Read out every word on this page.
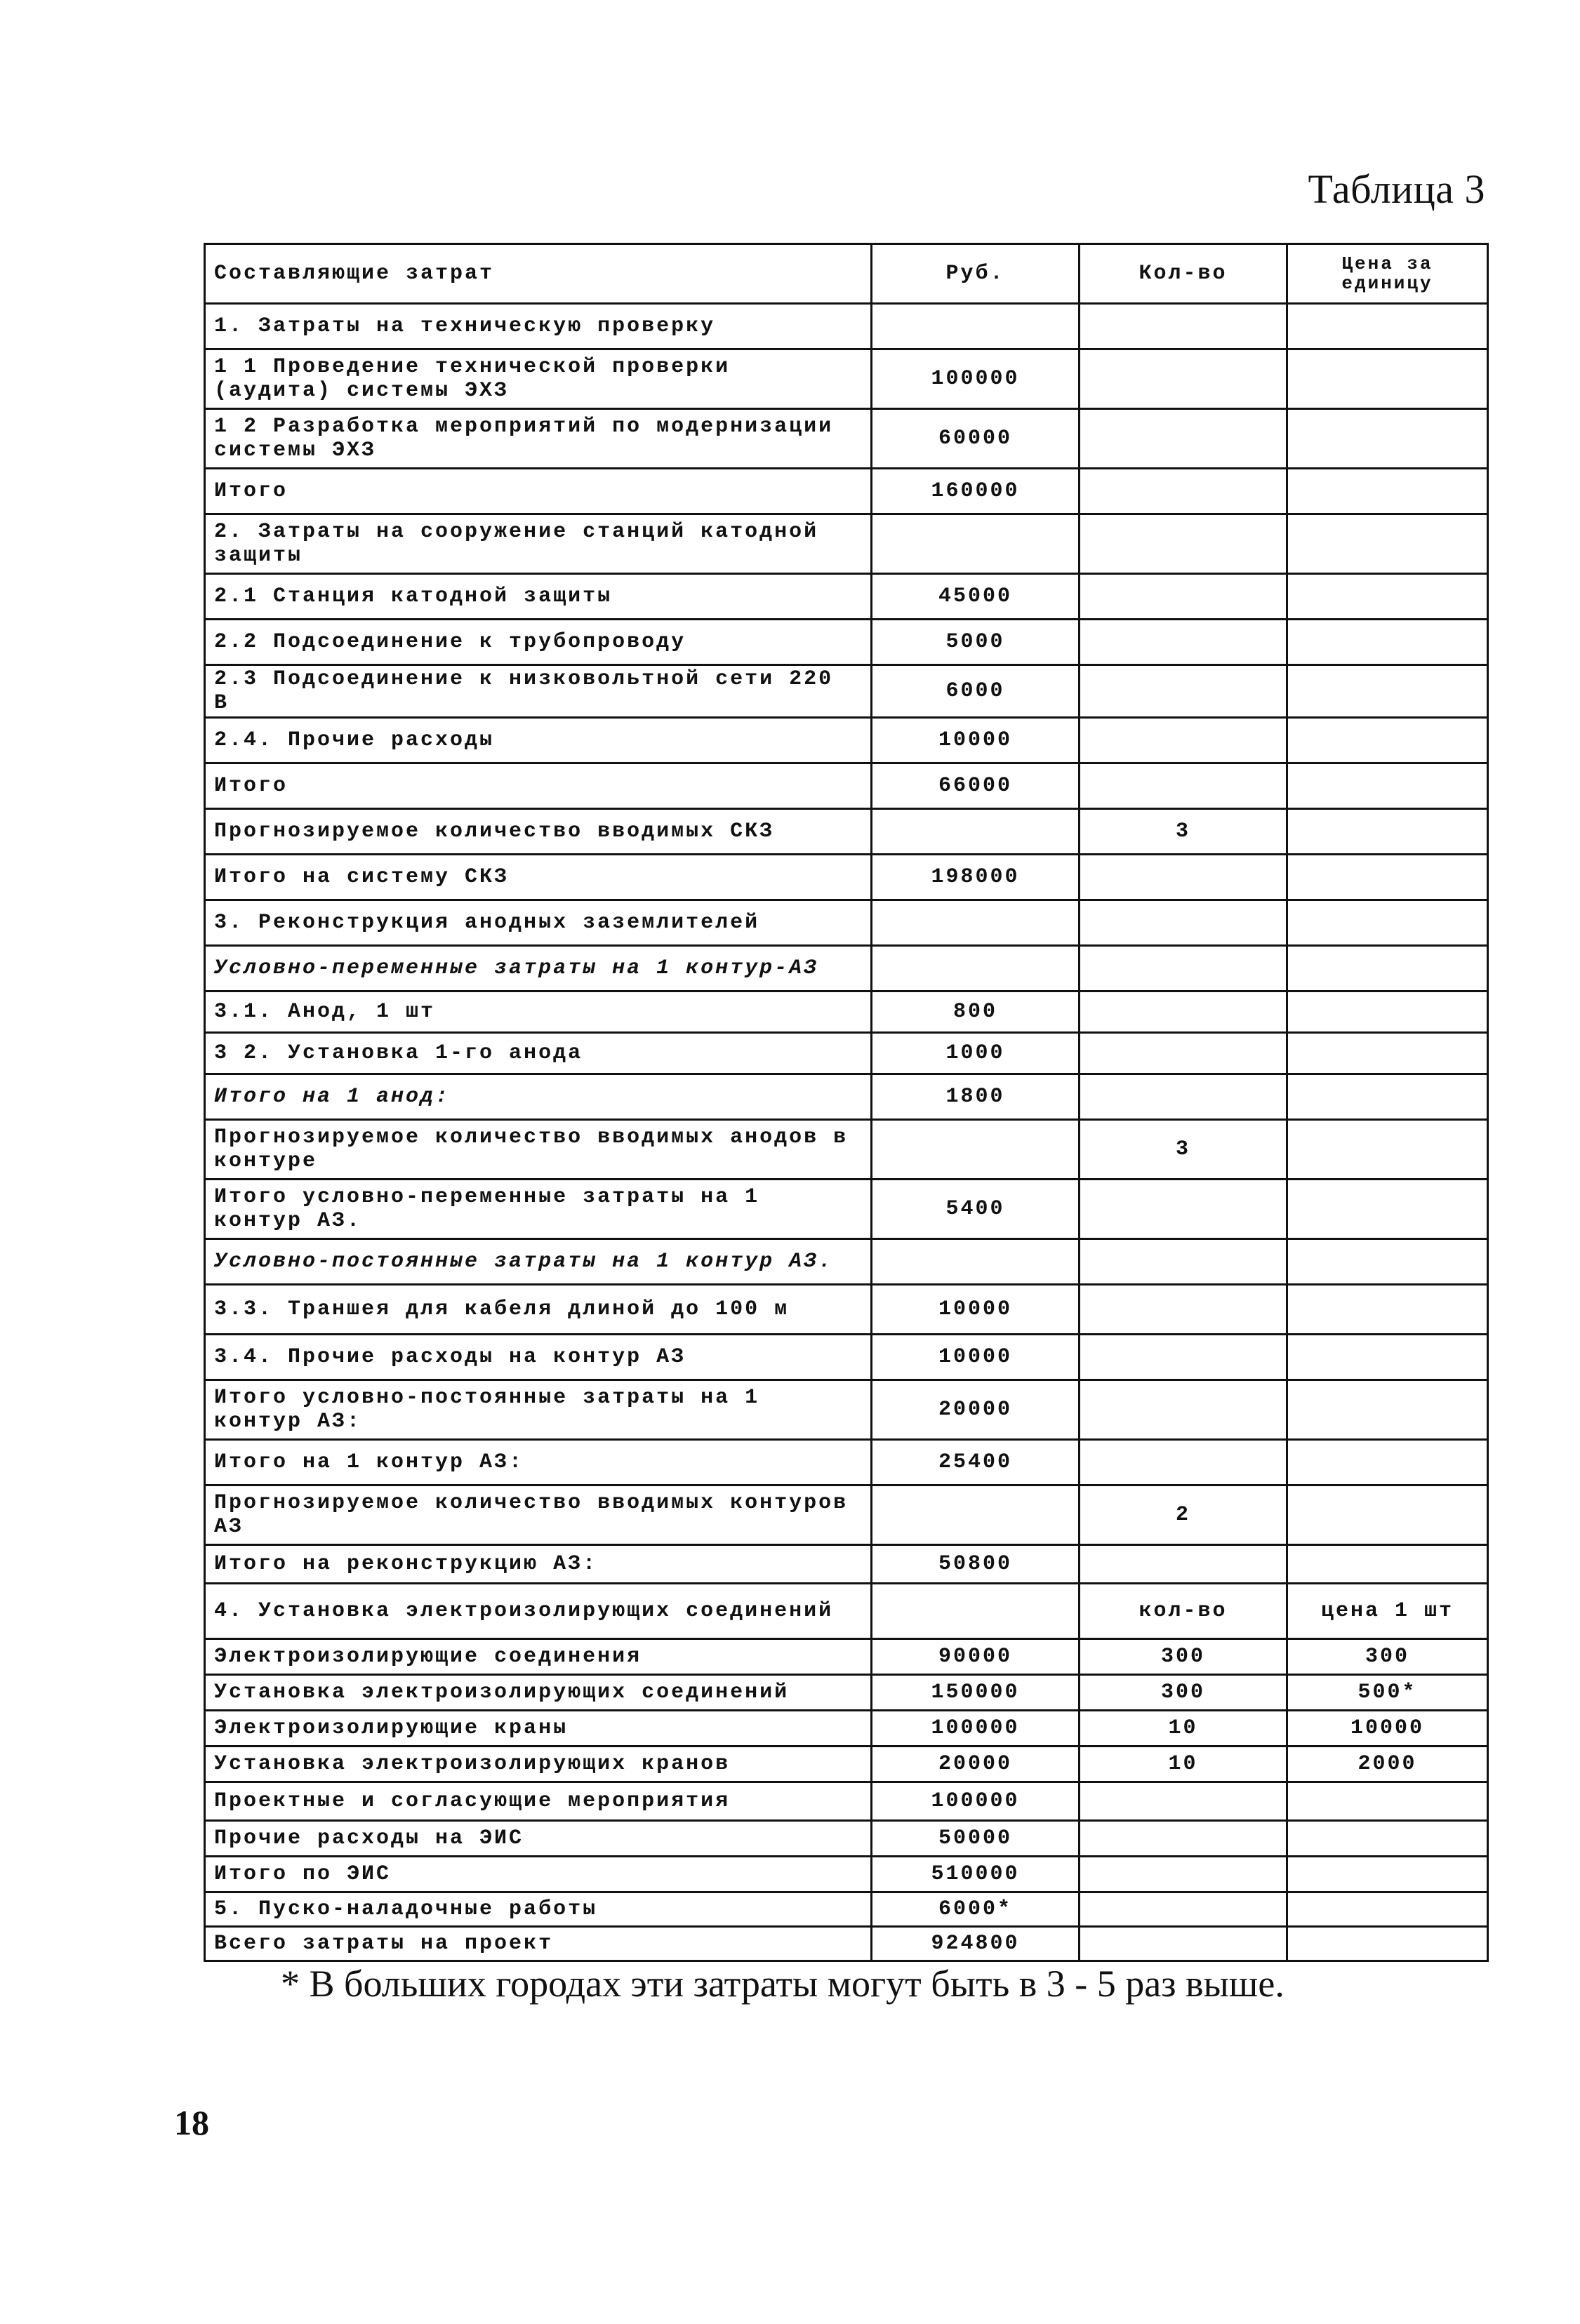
Таблица 3
Составляющие затрат	Руб.	Кол-во	Цена за единицу

1. Затраты на техническую проверку			
1 1 Проведение технической проверки (аудита) системы ЭХЗ	100000		
1 2 Разработка мероприятий по модернизации системы ЭХЗ	60000		
Итого	160000		
2. Затраты на сооружение станций катодной защиты			
2.1 Станция катодной защиты	45000		
2.2 Подсоединение к трубопроводу	5000		
2.3 Подсоединение к низковольтной сети 220 В	6000		
2.4. Прочие расходы	10000		
Итого	66000		
Прогнозируемое количество вводимых СКЗ		3	
Итого на систему СКЗ	198000		
3. Реконструкция анодных заземлителей			
Условно-переменные затраты на 1 контур-АЗ			
3.1. Анод, 1 шт	800		
3 2. Установка 1-го анода	1000		
Итого на 1 анод:	1800		
Прогнозируемое количество вводимых анодов в контуре		3	
Итого условно-переменные затраты на 1 контур АЗ.	5400		
Условно-постоянные затраты на 1 контур АЗ.			
3.3. Траншея для кабеля длиной до 100 м	10000		
3.4. Прочие расходы на контур АЗ	10000		
Итого условно-постоянные затраты на 1 контур АЗ:	20000		
Итого на 1 контур АЗ:	25400		
Прогнозируемое количество вводимых контуров АЗ		2	
Итого на реконструкцию АЗ:	50800		
4. Установка электроизолирующих соединений		кол-во	цена 1 шт
Электроизолирующие соединения	90000	300	300
Установка электроизолирующих соединений	150000	300	500*
Электроизолирующие краны	100000	10	10000
Установка электроизолирующих кранов	20000	10	2000
Проектные и согласующие мероприятия	100000		
Прочие расходы на ЭИС	50000		
Итого по ЭИС	510000		
5. Пуско-наладочные работы	6000*		
Всего затраты на проект	924800		
* В больших городах эти затраты могут быть в 3 - 5 раз выше.
18
